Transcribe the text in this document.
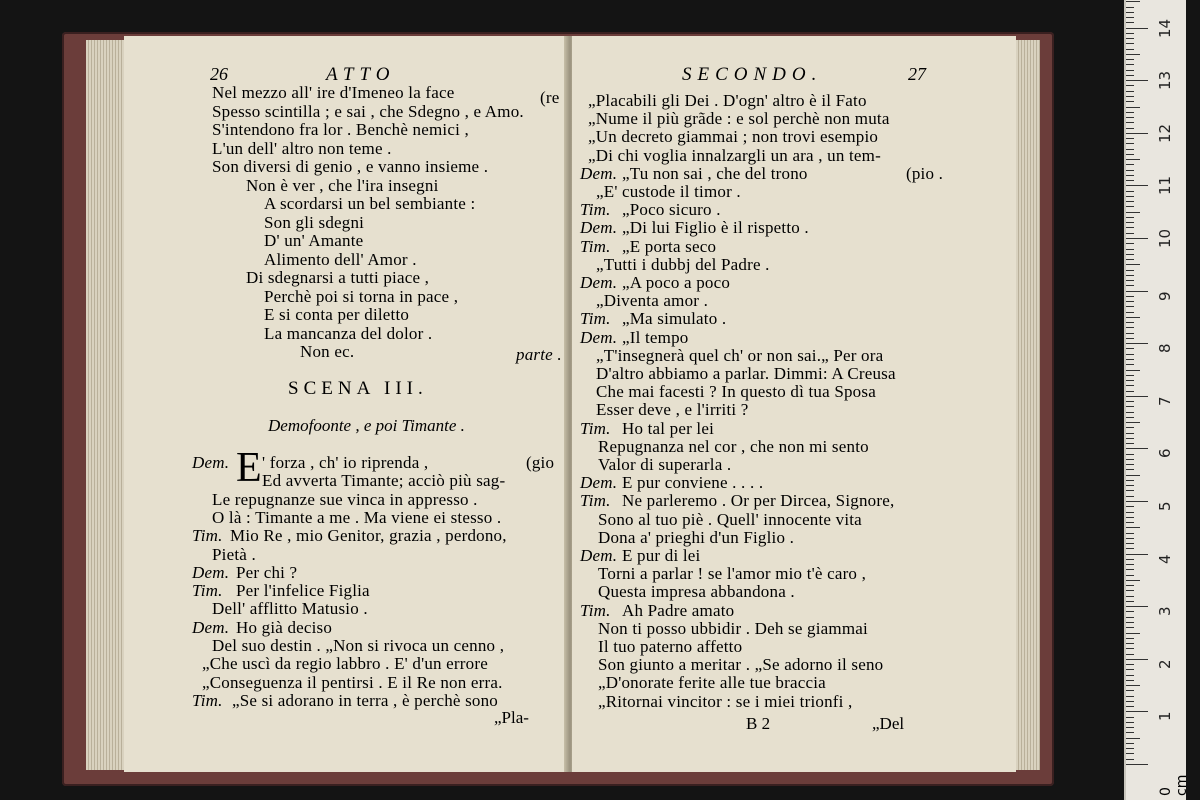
26	ATTO
(re
parte .
SCENA III.
Demofoonte , e poi Timante .
E
„Pla-
SECONDO.	27
B 2	„Del
0 cm
1
2
3
4
5
6
7
8
9
10
11
12
13
14
Nel mezzo all' ire d'Imeneo la face
Spesso scintilla ; e sai , che Sdegno , e Amo.
S'intendono fra lor . Benchè nemici ,
L'un dell' altro non teme .
Son diversi di genio , e vanno insieme .
Non è ver , che l'ira insegni
A scordarsi un bel sembiante :
Son gli sdegni
D' un' Amante
Alimento dell' Amor .
Di sdegnarsi a tutti piace ,
Perchè poi si torna in pace ,
E si conta per diletto
La mancanza del dolor .
Non ec.
Dem. ' forza , ch' io riprenda ,	(gio
Ed avverta Timante; acciò più sag-
Le repugnanze sue vinca in appresso .
O là : Timante a me . Ma viene ei stesso .
Tim. Mio Re , mio Genitor, grazia , perdono,
Pietà .
Dem. Per chi ?
Tim. Per l'infelice Figlia
Dell' afflitto Matusio .
Dem. Ho già deciso
Del suo destin . „Non si rivoca un cenno ,
„Che uscì da regio labbro . E' d'un errore
„Conseguenza il pentirsi . E il Re non erra.
Tim. „Se si adorano in terra , è perchè sono
„Placabili gli Dei . D'ogn' altro è il Fato
„Nume il più grãde : e sol perchè non muta
„Un decreto giammai ; non trovi esempio
„Di chi voglia innalzargli un ara , un tem-
Dem. „Tu non sai , che del trono	(pio .
„E' custode il timor .
Tim. „Poco sicuro .
Dem. „Di lui Figlio è il rispetto .
Tim. „E porta seco
„Tutti i dubbj del Padre .
Dem. „A poco a poco
„Diventa amor .
Tim. „Ma simulato .
Dem. „Il tempo
„T'insegnerà quel ch' or non sai.„ Per ora
D'altro abbiamo a parlar. Dimmi: A Creusa
Che mai facesti ? In questo dì tua Sposa
Esser deve , e l'irriti ?
Tim. Ho tal per lei
Repugnanza nel cor , che non mi sento
Valor di superarla .
Dem. E pur conviene . . . .
Tim. Ne parleremo . Or per Dircea, Signore,
Sono al tuo piè . Quell' innocente vita
Dona a' prieghi d'un Figlio .
Dem. E pur di lei
Torni a parlar ! se l'amor mio t'è caro ,
Questa impresa abbandona .
Tim. Ah Padre amato
Non ti posso ubbidir . Deh se giammai
Il tuo paterno affetto
Son giunto a meritar . „Se adorno il seno
„D'onorate ferite alle tue braccia
„Ritornai vincitor : se i miei trionfi ,
